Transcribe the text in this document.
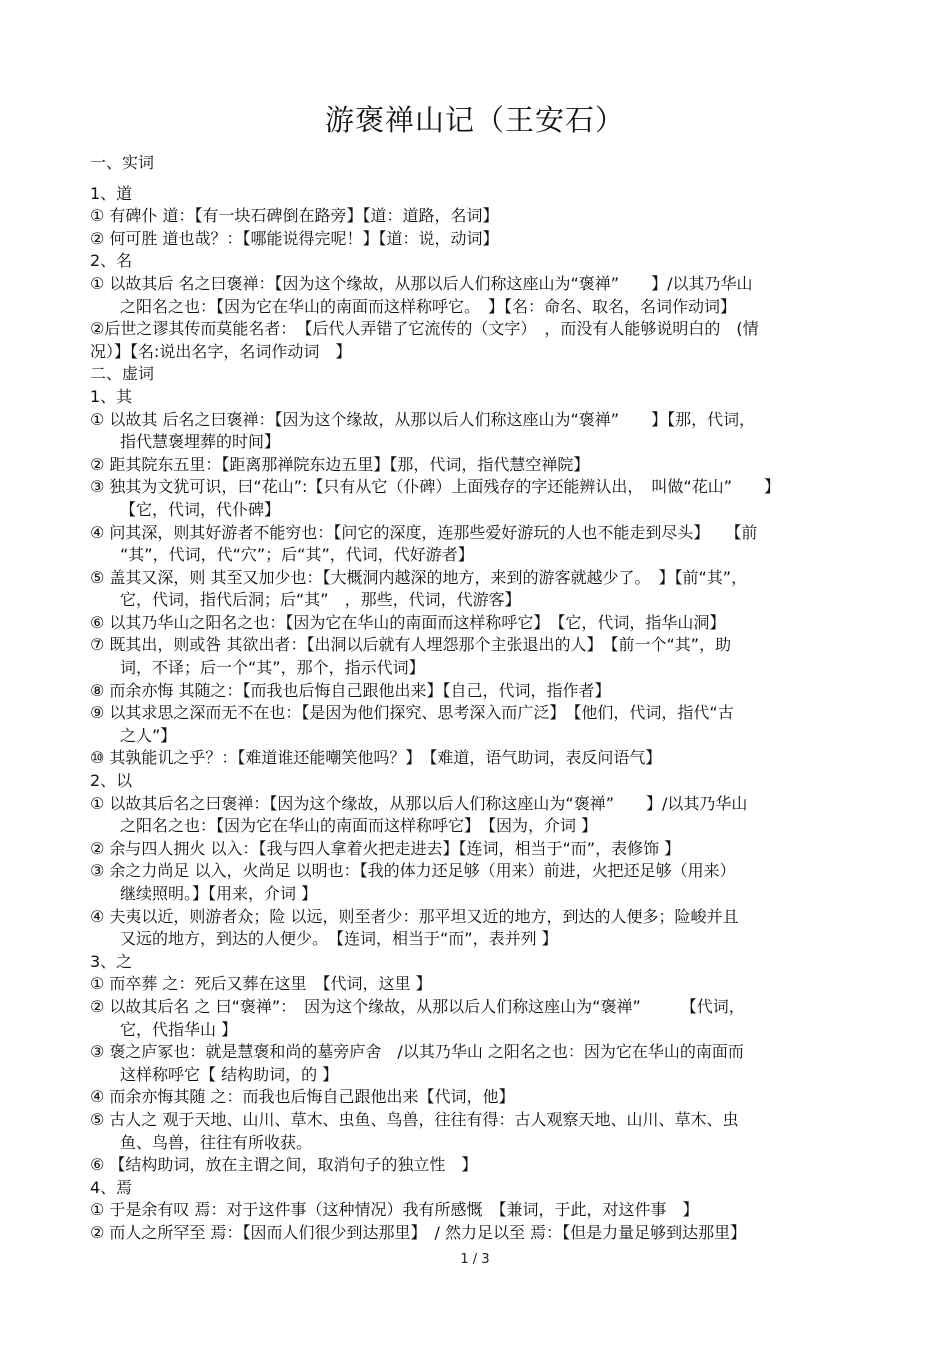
游褒禅山记（王安石）
一、实词
1、道
① 有碑仆 道：【有一块石碑倒在路旁】【道：道路，名词】
② 何可胜 道也哉？：【哪能说得完呢！】【道：说，动词】
2、名
① 以故其后 名之曰褒禅：【因为这个缘故，从那以后人们称这座山为“褒禅”　　】/以其乃华山
之阳名之也：【因为它在华山的南面而这样称呼它。　】【名：命名、取名，名词作动词】
②后世之谬其传而莫能名者：　【后代人弄错了它流传的（文字）　，而没有人能够说明白的　(情
况）】【名:说出名字，名词作动词　】
二、虚词
1、其
① 以故其 后名之曰褒禅：【因为这个缘故，从那以后人们称这座山为“褒禅”　　】【那，代词，
指代慧褒埋葬的时间】
② 距其院东五里：【距离那禅院东边五里】【那，代词，指代慧空禅院】
③ 独其为文犹可识，曰“花山”:【只有从它（仆碑）上面残存的字还能辨认出，　叫做“花山”　　】
【它，代词，代仆碑】
④ 问其深，则其好游者不能穷也：【问它的深度，连那些爱好游玩的人也不能走到尽头】　　【前
“其”，代词，代“穴”；后“其”，代词，代好游者】
⑤ 盖其又深，则 其至又加少也：【大概洞内越深的地方，来到的游客就越少了。　】【前“其”，
它，代词，指代后洞；后“其”　，那些，代词，代游客】
⑥ 以其乃华山之阳名之也：【因为它在华山的南面而这样称呼它】　【它，代词，指华山洞】
⑦ 既其出，则或咎 其欲出者：【出洞以后就有人埋怨那个主张退出的人】　【前一个“其”，助
词，不译；后一个“其”，那个，指示代词】
⑧ 而余亦悔 其随之：【而我也后悔自己跟他出来】【自己，代词，指作者】
⑨ 以其求思之深而无不在也：【是因为他们探究、思考深入而广泛】　【他们，代词，指代“古
之人”】
⑩ 其孰能讥之乎？：【难道谁还能嘲笑他吗？】　【难道，语气助词，表反问语气】
2、以
① 以故其后名之曰褒禅：【因为这个缘故，从那以后人们称这座山为“褒禅”　　】/以其乃华山
之阳名之也：【因为它在华山的南面而这样称呼它】　【因为，介词 】
② 余与四人拥火 以入：【我与四人拿着火把走进去】【连词，相当于“而”，表修饰 】
③ 余之力尚足 以入，火尚足 以明也：【我的体力还足够（用来）前进，火把还足够（用来）
继续照明。】【用来，介词 】
④ 夫夷以近，则游者众；险 以远，则至者少：那平坦又近的地方，到达的人便多；险峻并且
又远的地方，到达的人便少。　【连词，相当于“而”，表并列 】
3、之
① 而卒葬 之：死后又葬在这里　【代词，这里 】
② 以故其后名 之 曰“褒禅”：　因为这个缘故，从那以后人们称这座山为“褒禅”　　　【代词，
它，代指华山 】
③ 褒之庐冢也：就是慧褒和尚的墓旁庐舍　/以其乃华山 之阳名之也：因为它在华山的南面而
这样称呼它【 结构助词，的 】
④ 而余亦悔其随 之：而我也后悔自己跟他出来【代词，他】
⑤ 古人之 观于天地、山川、草木、虫鱼、鸟兽，往往有得：古人观察天地、山川、草木、虫
鱼、鸟兽，往往有所收获。
⑥ 【结构助词，放在主谓之间，取消句子的独立性　】
4、焉
① 于是余有叹 焉：对于这件事（这种情况）我有所感慨　【兼词，于此，对这件事　】
② 而人之所罕至 焉：【因而人们很少到达那里】　/ 然力足以至 焉：【但是力量足够到达那里】
1 / 3
